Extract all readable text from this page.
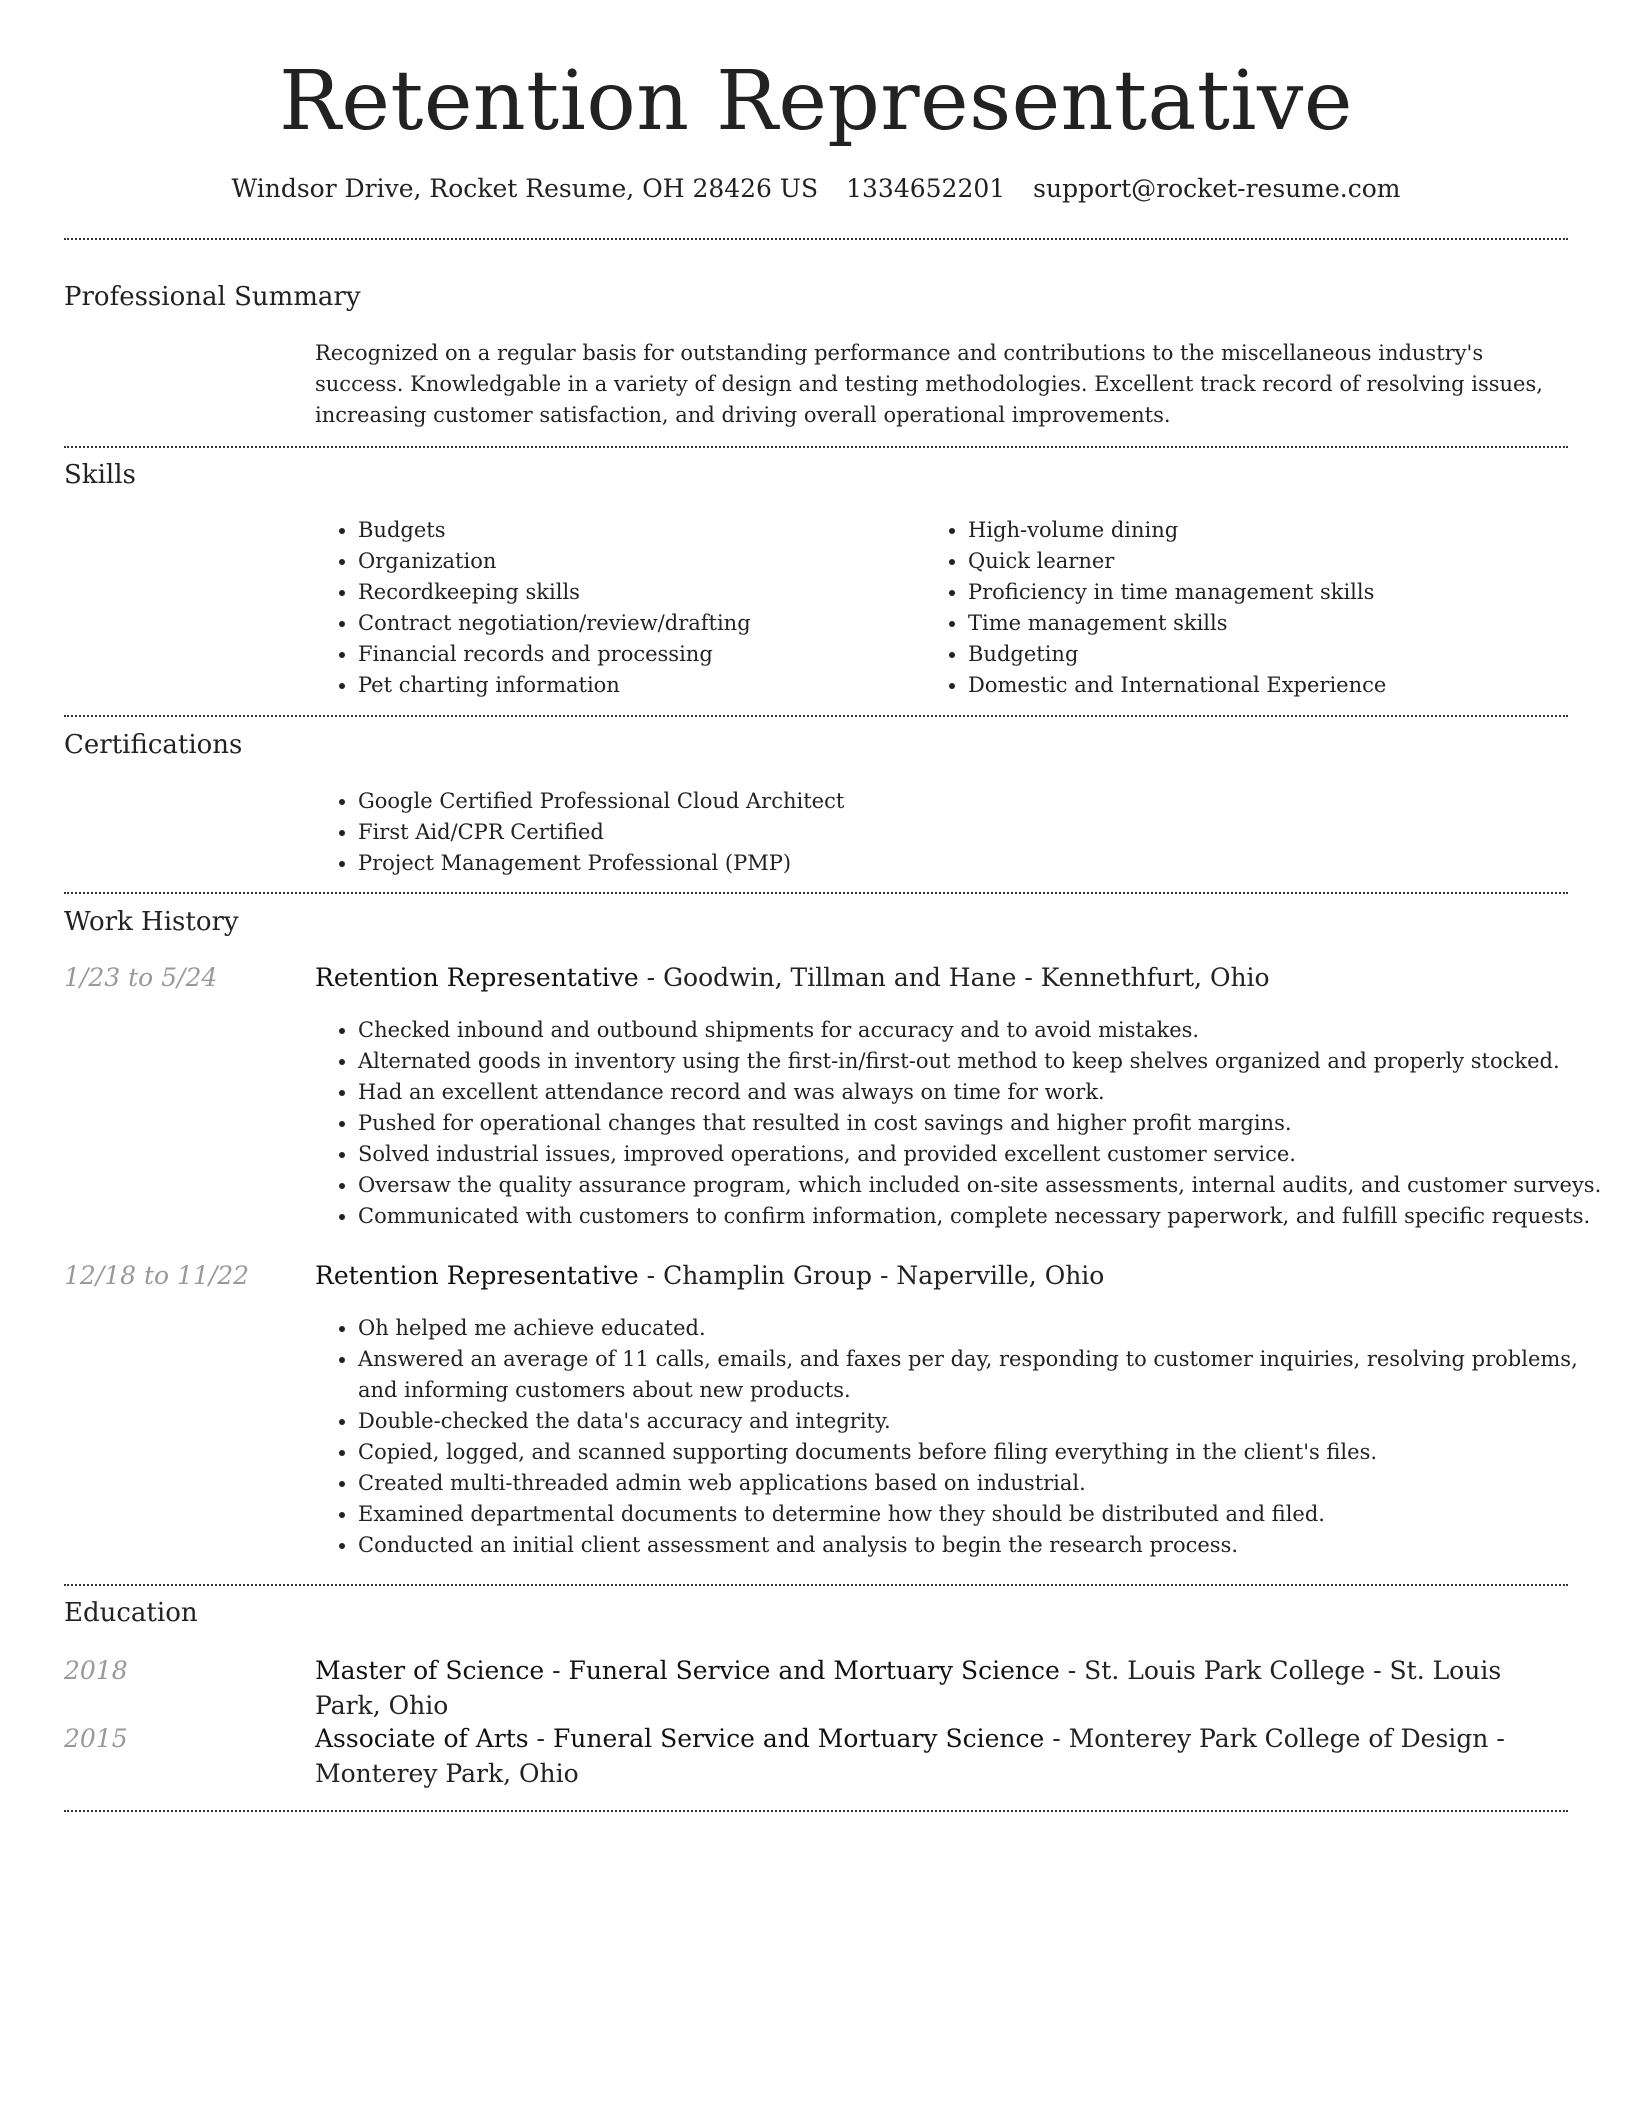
Retention Representative
Windsor Drive, Rocket Resume, OH 28426 US 1334652201 support@rocket-resume.com
Professional Summary
Recognized on a regular basis for outstanding performance and contributions to the miscellaneous industry's success. Knowledgable in a variety of design and testing methodologies. Excellent track record of resolving issues, increasing customer satisfaction, and driving overall operational improvements.
Skills
• Budgets
• Organization
• Recordkeeping skills
• Contract negotiation/review/drafting
• Financial records and processing
• Pet charting information
• High-volume dining
• Quick learner
• Proficiency in time management skills
• Time management skills
• Budgeting
• Domestic and International Experience
Certifications
• Google Certified Professional Cloud Architect
• First Aid/CPR Certified
• Project Management Professional (PMP)
Work History
1/23 to 5/24	Retention Representative - Goodwin, Tillman and Hane - Kennethfurt, Ohio
• Checked inbound and outbound shipments for accuracy and to avoid mistakes.
• Alternated goods in inventory using the first-in/first-out method to keep shelves organized and properly stocked.
• Had an excellent attendance record and was always on time for work.
• Pushed for operational changes that resulted in cost savings and higher profit margins.
• Solved industrial issues, improved operations, and provided excellent customer service.
• Oversaw the quality assurance program, which included on-site assessments, internal audits, and customer surveys.
• Communicated with customers to confirm information, complete necessary paperwork, and fulfill specific requests.
12/18 to 11/22	Retention Representative - Champlin Group - Naperville, Ohio
• Oh helped me achieve educated.
• Answered an average of 11 calls, emails, and faxes per day, responding to customer inquiries, resolving problems, and informing customers about new products.
• Double-checked the data's accuracy and integrity.
• Copied, logged, and scanned supporting documents before filing everything in the client's files.
• Created multi-threaded admin web applications based on industrial.
• Examined departmental documents to determine how they should be distributed and filed.
• Conducted an initial client assessment and analysis to begin the research process.
Education
2018	Master of Science - Funeral Service and Mortuary Science - St. Louis Park College - St. Louis Park, Ohio
2015	Associate of Arts - Funeral Service and Mortuary Science - Monterey Park College of Design - Monterey Park, Ohio
